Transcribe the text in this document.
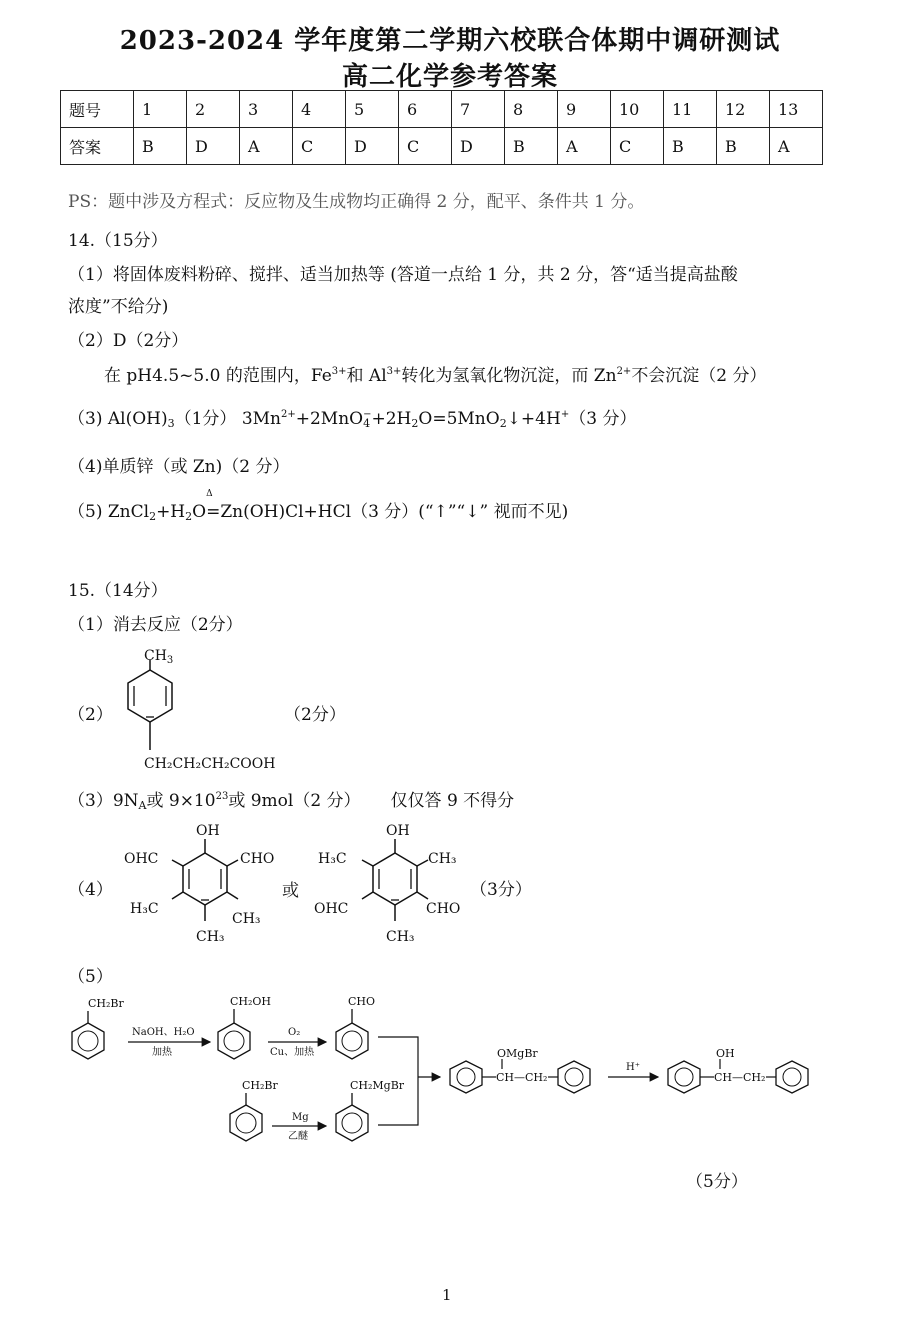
2023-2024 学年度第二学期六校联合体期中调研测试
高二化学参考答案
题号	1	2	3	4	5	6	7	8	9	10	11	12	13
答案	B	D	A	C	D	C	D	B	A	C	B	B	A
PS：题中涉及方程式：反应物及生成物均正确得 2 分，配平、条件共 1 分。
14.（15分）
（1）将固体废料粉碎、搅拌、适当加热等 (答道一点给 1 分，共 2 分，答“适当提高盐酸
浓度”不给分)
（2）D（2分）
在 pH4.5~5.0 的范围内，$Fe^{3+}$和 $Al^{3+}$转化为氢氧化物沉淀，而 $Zn^{2+}$不会沉淀（2 分）
（3) $Al(OH)_3(1$分） $3Mn^{2+}+2MnO_4^-+2H_2O=5MnO_2↓+4H^+(3$ 分）
（4)单质锌（或 Zn)（2 分）
（5) $ZnCl_2+H_2O$
Δ
=Zn(OH)Cl+HCl（3 分）(“↑”“↓” 视而不见)
15.（14分）
（1）消去反应（2分）
（2）	（2分）
$CH_3$
CH₂CH₂CH₂COOH
$(3)9N_A$或 $9\times 10^{23}$或 9mol（2 分） 仅仅答 9 不得分
（4）
OH
OHC	CHO
H₃C
CH₃
CH₃
或
OH
H₃C	CH₃
OHC	CHO
CH₃
（3分）
（5）
CH₂Br
NaOH、H₂O
加热
CH₂OH
O₂
Cu、加热
CHO
CH₂Br
Mg
乙醚
CH₂MgBr
CH—CH₂
OMgBr
H⁺
CH—CH₂
OH
（5分）
1
